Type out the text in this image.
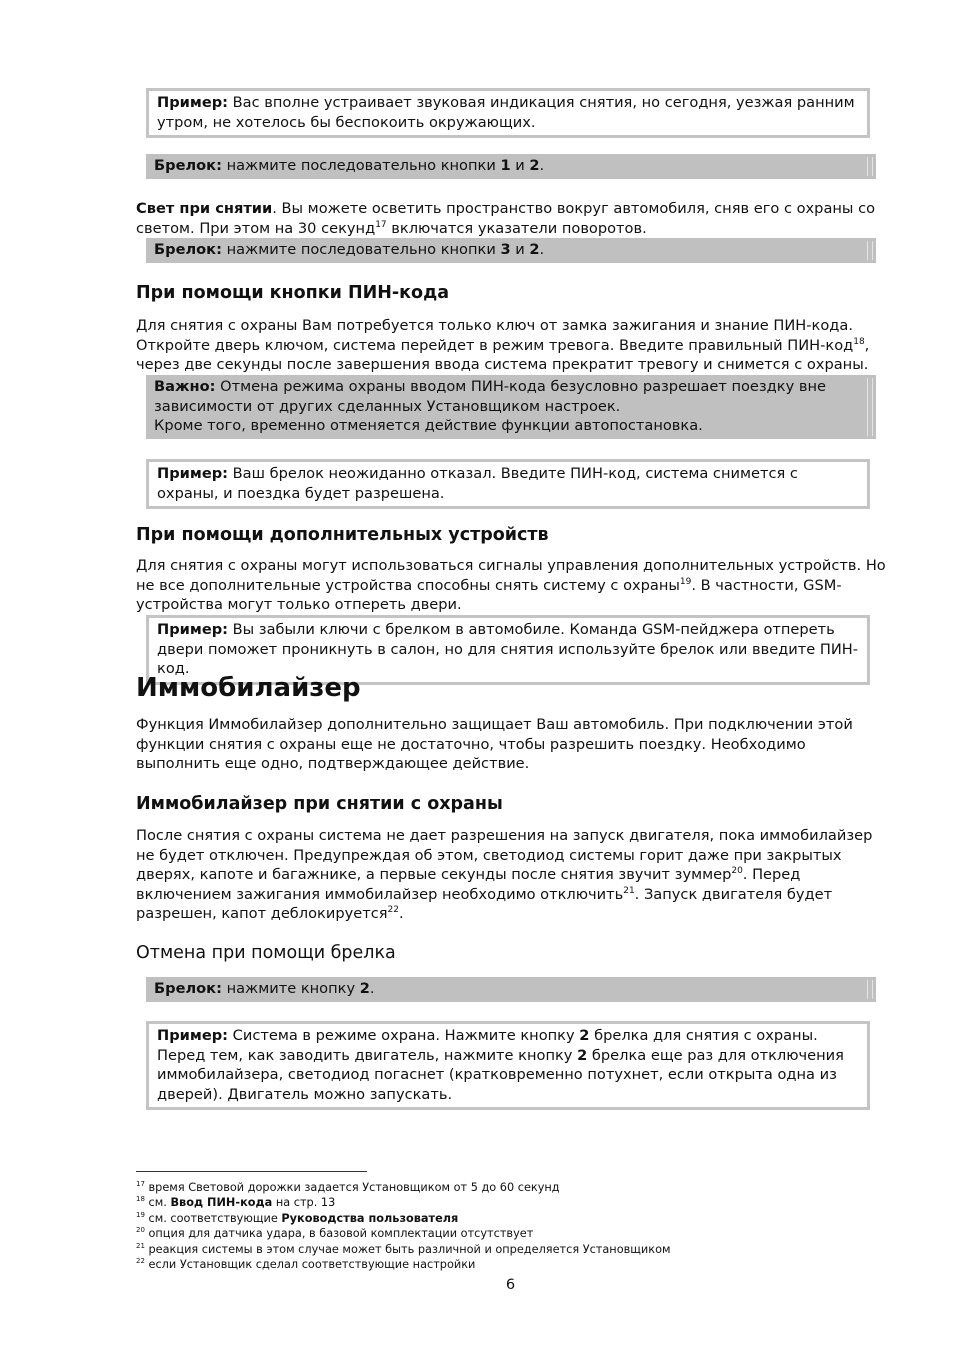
Пример: Вас вполне устраивает звуковая индикация снятия, но сегодня, уезжая ранним утром, не хотелось бы беспокоить окружающих.
Брелок: нажмите последовательно кнопки 1 и 2.
Свет при снятии. Вы можете осветить пространство вокруг автомобиля, сняв его с охраны со светом. При этом на 30 секунд$^{17}$ включатся указатели поворотов.
Брелок: нажмите последовательно кнопки 3 и 2.
При помощи кнопки ПИН-кода
Для снятия с охраны Вам потребуется только ключ от замка зажигания и знание ПИН-кода. Откройте дверь ключом, система перейдет в режим тревога. Введите правильный ПИН-код$^{18}$, через две секунды после завершения ввода система прекратит тревогу и снимется с охраны.
Важно: Отмена режима охраны вводом ПИН-кода безусловно разрешает поездку вне зависимости от других сделанных Установщиком настроек.
Кроме того, временно отменяется действие функции автопостановка.
Пример: Ваш брелок неожиданно отказал. Введите ПИН-код, система снимется с охраны, и поездка будет разрешена.
При помощи дополнительных устройств
Для снятия с охраны могут использоваться сигналы управления дополнительных устройств. Но не все дополнительные устройства способны снять систему с охраны$^{19}$. В частности, GSM-устройства могут только отпереть двери.
Пример: Вы забыли ключи с брелком в автомобиле. Команда GSM-пейджера отпереть двери поможет проникнуть в салон, но для снятия используйте брелок или введите ПИН-код.
Иммобилайзер
Функция Иммобилайзер дополнительно защищает Ваш автомобиль. При подключении этой функции снятия с охраны еще не достаточно, чтобы разрешить поездку. Необходимо выполнить еще одно, подтверждающее действие.
Иммобилайзер при снятии с охраны
После снятия с охраны система не дает разрешения на запуск двигателя, пока иммобилайзер не будет отключен. Предупреждая об этом, светодиод системы горит даже при закрытых дверях, капоте и багажнике, а первые секунды после снятия звучит зуммер$^{20}$. Перед включением зажигания иммобилайзер необходимо отключить$^{21}$. Запуск двигателя будет разрешен, капот деблокируется$^{22}$.
Отмена при помощи брелка
Брелок: нажмите кнопку 2.
Пример: Система в режиме охрана. Нажмите кнопку 2 брелка для снятия с охраны. Перед тем, как заводить двигатель, нажмите кнопку 2 брелка еще раз для отключения иммобилайзера, светодиод погаснет (кратковременно потухнет, если открыта одна из дверей). Двигатель можно запускать.
$^{17}$ время Световой дорожки задается Установщиком от 5 до 60 секунд
$^{18}$ см. Ввод ПИН-кода на стр. 13
$^{19}$ см. соответствующие Руководства пользователя
$^{20}$ опция для датчика удара, в базовой комплектации отсутствует
$^{21}$ реакция системы в этом случае может быть различной и определяется Установщиком
$^{22}$ если Установщик сделал соответствующие настройки
6
